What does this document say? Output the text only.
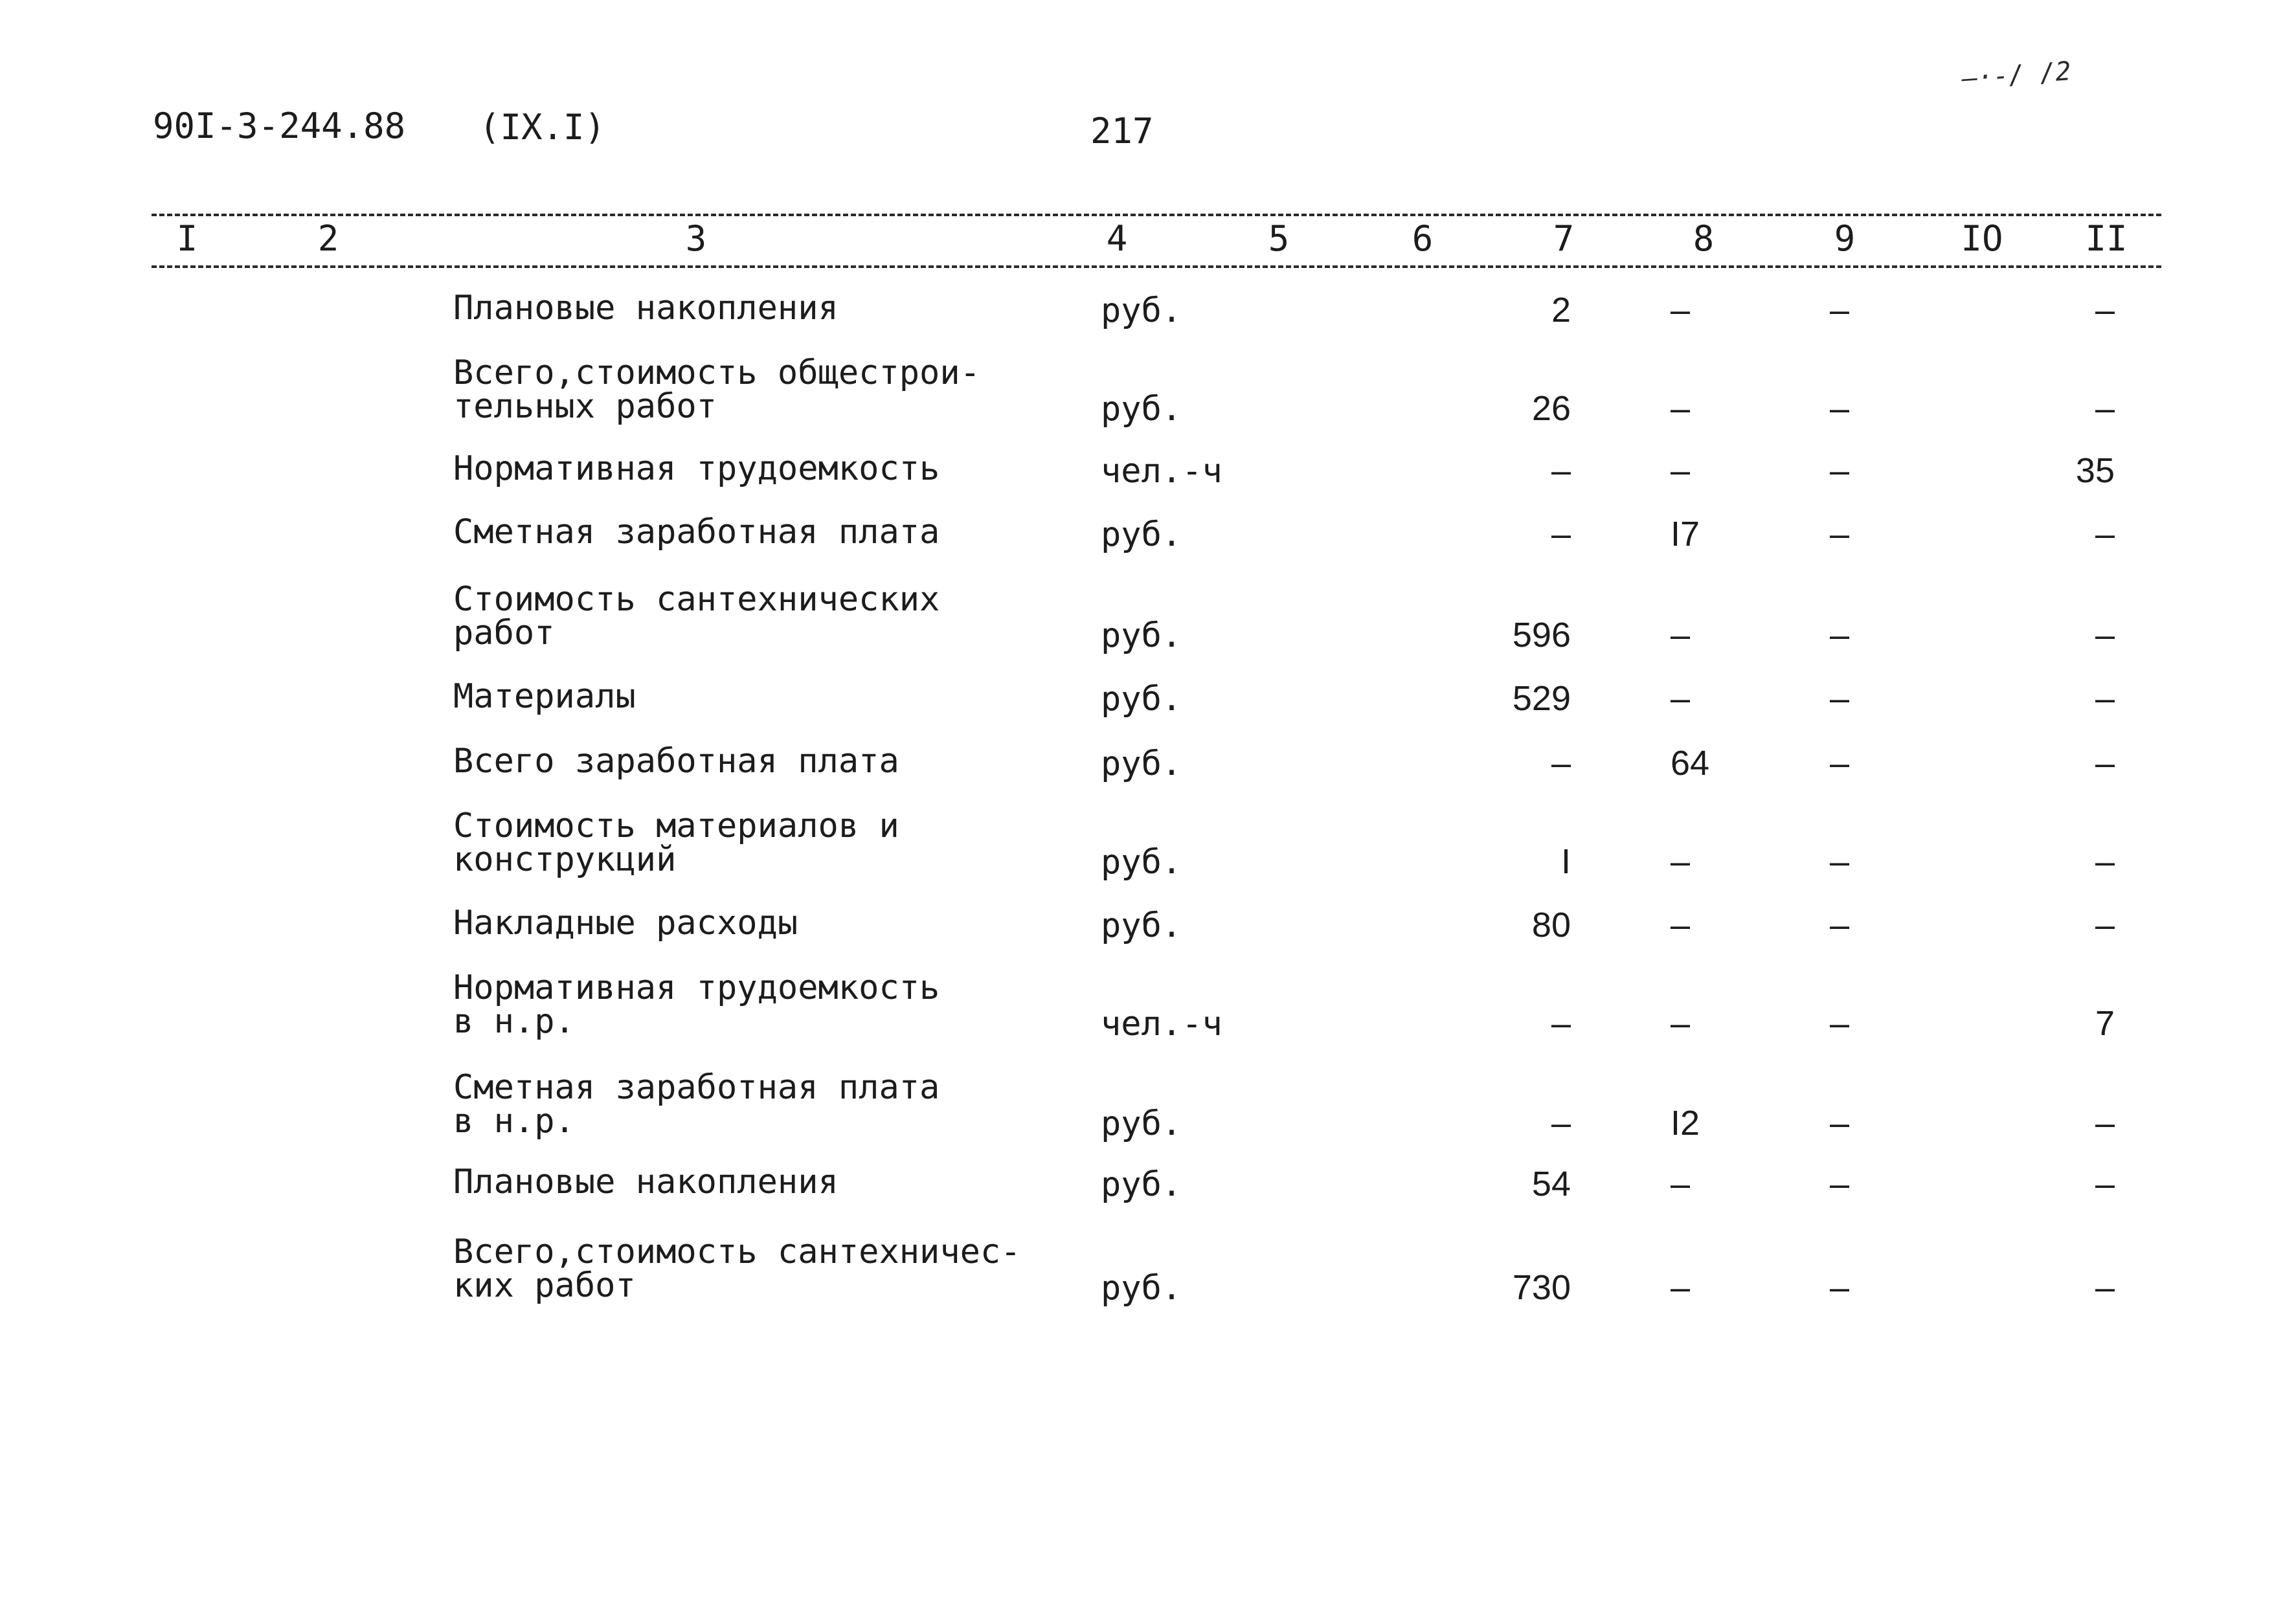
90I-3-244.88 (IX.I)	217
—·-/ /2
I	2	3	4	5	6	7	8	9	IO	II
Плановые накопления	руб.	2	–	–	–
Всего,стоимость общестрои-
тельных работ	руб.	26	–	–	–
Нормативная трудоемкость	чел.-ч	–	–	–	35
Сметная заработная плата	руб.	–	I7	–	–
Стоимость сантехнических
работ	руб.	596	–	–	–
Материалы	руб.	529	–	–	–
Всего заработная плата	руб.	–	64	–	–
Стоимость материалов и
конструкций	руб.	I	–	–	–
Накладные расходы	руб.	80	–	–	–
Нормативная трудоемкость
в н.р.	чел.-ч	–	–	–	7
Сметная заработная плата
в н.р.	руб.	–	I2	–	–
Плановые накопления	руб.	54	–	–	–
Всего,стоимость сантехничес-
ких работ	руб.	730	–	–	–
